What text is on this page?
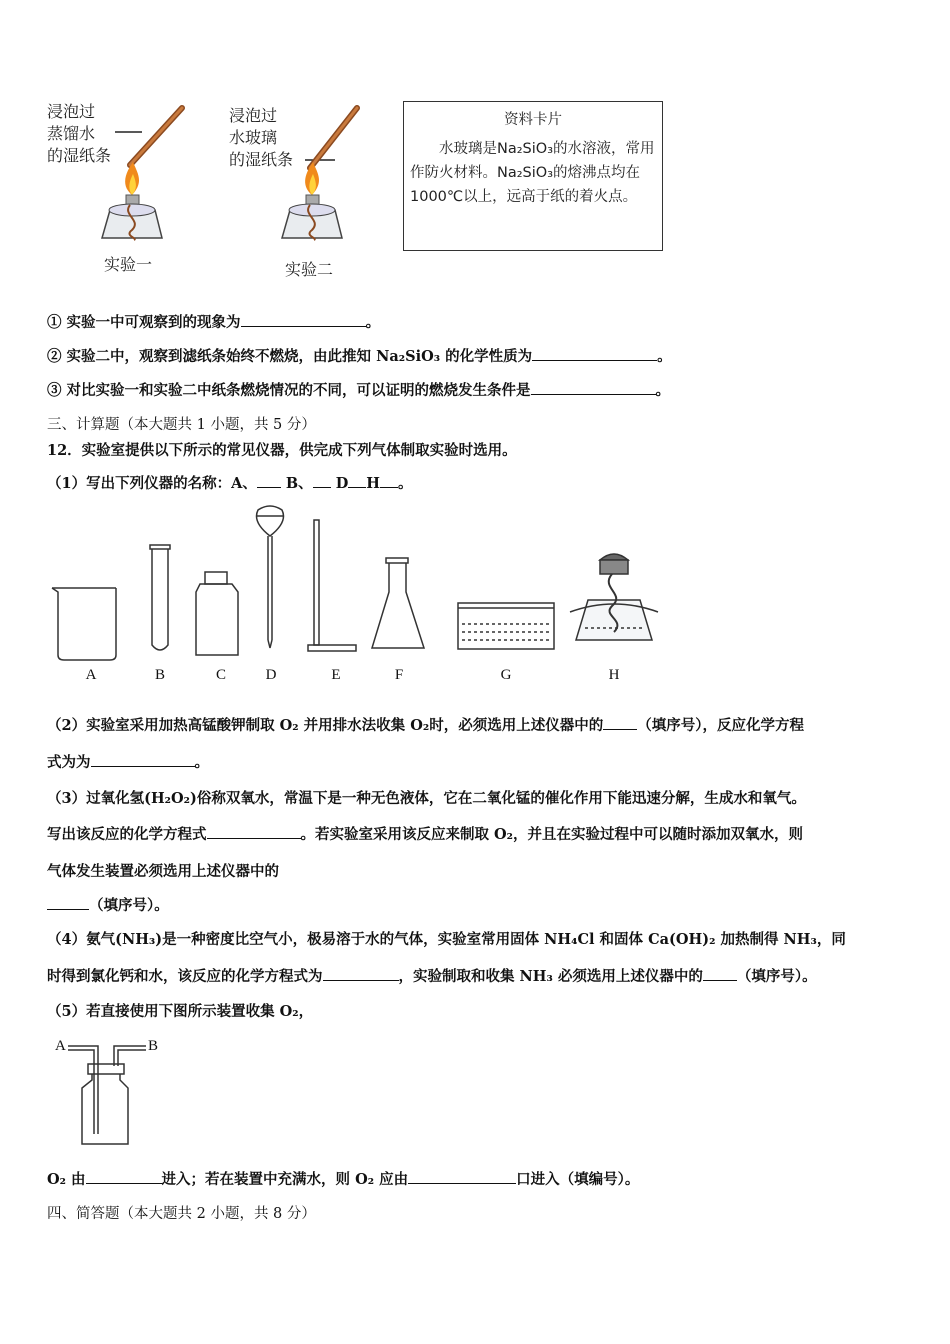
浸泡过
蒸馏水
的湿纸条
浸泡过
水玻璃
的湿纸条
实验一	实验二
资料卡片
水玻璃是Na₂SiO₃的水溶液，常用作防火材料。Na₂SiO₃的熔沸点均在1000℃以上，远高于纸的着火点。
① 实验一中可观察到的现象为	。
② 实验二中，观察到滤纸条始终不燃烧，由此推知 Na₂SiO₃ 的化学性质为	。
③ 对比实验一和实验二中纸条燃烧情况的不同，可以证明的燃烧发生条件是	。
三、计算题（本大题共 1 小题，共 5 分）
12．实验室提供以下所示的常见仪器，供完成下列气体制取实验时选用。
（1）写出下列仪器的名称：A、 B、 D H 。
A	B	C	D	E	F	G	H
（2）实验室采用加热高锰酸钾制取 O₂ 并用排水法收集 O₂时，必须选用上述仪器中的 （填序号），反应化学方程
式为为	。
（3）过氧化氢(H₂O₂)俗称双氧水，常温下是一种无色液体，它在二氧化锰的催化作用下能迅速分解，生成水和氧气。
写出该反应的化学方程式	。若实验室采用该反应来制取 O₂，并且在实验过程中可以随时添加双氧水，则
气体发生装置必须选用上述仪器中的
（填序号）。
（4）氨气(NH₃)是一种密度比空气小，极易溶于水的气体，实验室常用固体 NH₄Cl 和固体 Ca(OH)₂ 加热制得 NH₃，同
时得到氯化钙和水，该反应的化学方程式为	，实验制取和收集 NH₃ 必须选用上述仪器中的 （填序号）。
（5）若直接使用下图所示装置收集 O₂，
A	B
O₂ 由	进入；若在装置中充满水，则 O₂ 应由	口进入（填编号）。
四、简答题（本大题共 2 小题，共 8 分）
